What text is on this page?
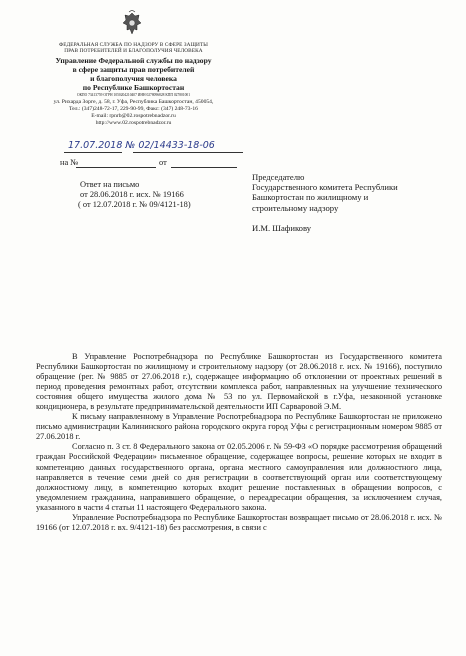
ФЕДЕРАЛЬНАЯ СЛУЖБА ПО НАДЗОРУ В СФЕРЕ ЗАЩИТЫ
ПРАВ ПОТРЕБИТЕЛЕЙ И БЛАГОПОЛУЧИЯ ЧЕЛОВЕКА
Управление Федеральной службы по надзору
в сфере защиты прав потребителей
и благополучия человека
по Республике Башкортостан
ОКПО 73413759 ОГРН 1050204210407 ИНН 0278096828 КПП 027801001
ул. Рихарда Зорге, д. 58, г. Уфа, Республика Башкортостан, 450054,
Тел.: (347)248-72-17, 229-90-99, Факс: (347) 248-73-16
E-mail: rpnrb@02.rospotrebnadzor.ru
http://www.02.rospotrebnadzor.ru
17.07.2018 № 02/14433-18-06
на №	от
Ответ на письмо
от 28.06.2018 г. исх. № 19166
( от 12.07.2018 г. № 09/4121-18)
Председателю
Государственного комитета Республики
Башкортостан по жилищному и
строительному надзору
И.М. Шафикову

В Управление Роспотребнадзора по Республике Башкортостан из Государственного комитета Республики Башкортостан по жилищному и строительному надзору (от 28.06.2018 г. исх. № 19166), поступило обращение (рег. № 9885 от 27.06.2018 г.), содержащее информацию об отклонении от проектных решений в период проведения ремонтных работ, отсутствии комплекса работ, направленных на улучшение технического состояния общего имущества жилого дома № 53 по ул. Первомайской в г.Уфа, незаконной установке кондиционера, в результате предпринимательской деятельности ИП Сарваровой Э.М.

К письму направленному в Управление Роспотребнадзора по Республике Башкортостан не приложено письмо администрации Калининского района городского округа город Уфы с регистрационным номером 9885 от 27.06.2018 г.

Согласно п. 3 ст. 8 Федерального закона от 02.05.2006 г. № 59-ФЗ «О порядке рассмотрения обращений граждан Российской Федерации» письменное обращение, содержащее вопросы, решение которых не входит в компетенцию данных государственного органа, органа местного самоуправления или должностного лица, направляется в течение семи дней со дня регистрации в соответствующий орган или соответствующему должностному лицу, в компетенцию которых входит решение поставленных в обращении вопросов, с уведомлением гражданина, направившего обращение, о переадресации обращения, за исключением случая, указанного в части 4 статьи 11 настоящего Федерального закона.

Управление Роспотребнадзора по Республике Башкортостан возвращает письмо от 28.06.2018 г. исх. № 19166 (от 12.07.2018 г. вх. 9/4121-18) без рассмотрения, в связи с
